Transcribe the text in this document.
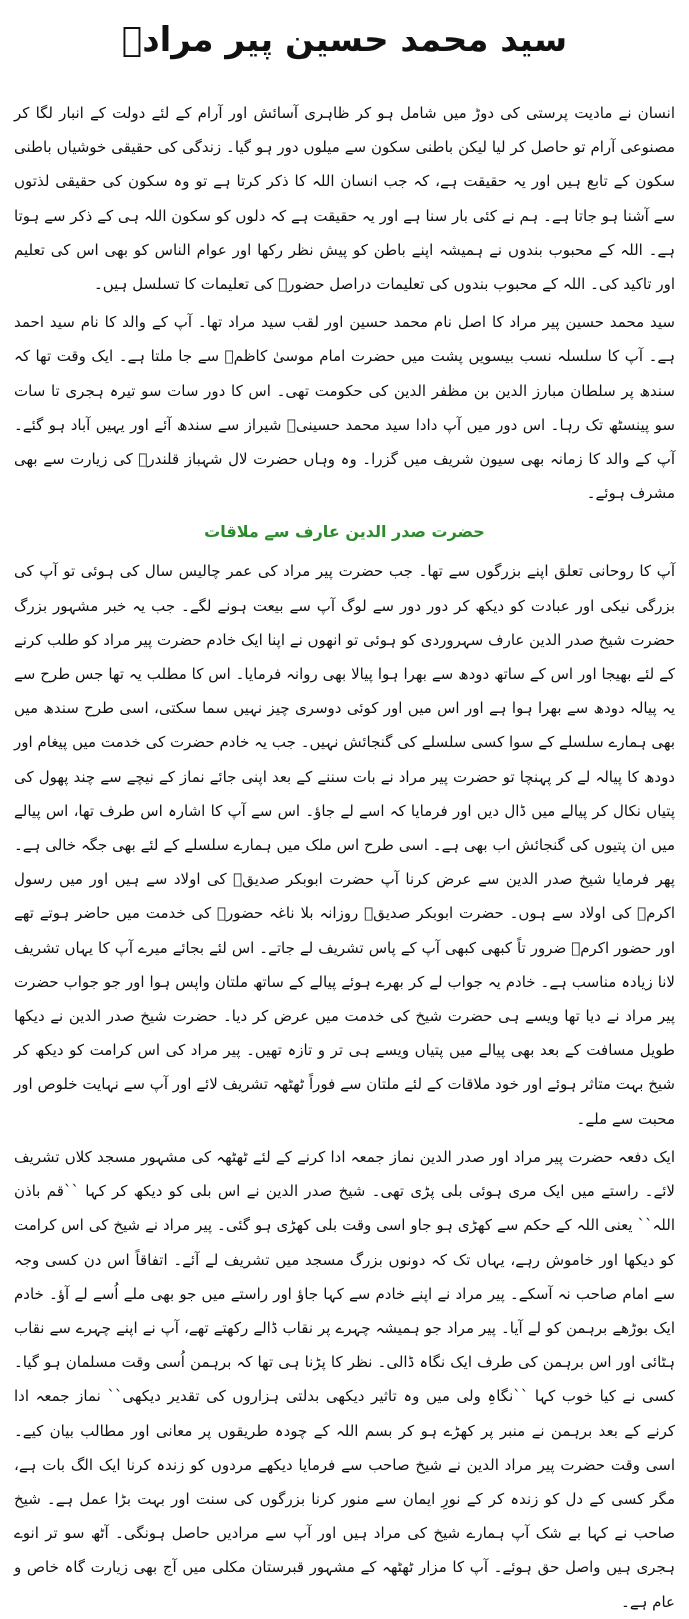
سید محمد حسین پیر مرادؒ

انسان نے مادیت پرستی کی دوڑ میں شامل ہو کر ظاہری آسائش اور آرام کے لئے دولت کے انبار لگا کر مصنوعی آرام تو حاصل کر لیا لیکن باطنی سکون سے میلوں دور ہو گیا۔ زندگی کی حقیقی خوشیاں باطنی سکون کے تابع ہیں اور یہ حقیقت ہے، کہ جب انسان اللہ کا ذکر کرتا ہے تو وہ سکون کی حقیقی لذتوں سے آشنا ہو جاتا ہے۔ ہم نے کئی بار سنا ہے اور یہ حقیقت ہے کہ دلوں کو سکون اللہ ہی کے ذکر سے ہوتا ہے۔ اللہ کے محبوب بندوں نے ہمیشہ اپنے باطن کو پیش نظر رکھا اور عوام الناس کو بھی اس کی تعلیم اور تاکید کی۔ اللہ کے محبوب بندوں کی تعلیمات دراصل حضورؐ کی تعلیمات کا تسلسل ہیں۔

سید محمد حسین پیر مراد کا اصل نام محمد حسین اور لقب سید مراد تھا۔ آپ کے والد کا نام سید احمد ہے۔ آپ کا سلسلہ نسب بیسویں پشت میں حضرت امام موسیٰ کاظمؓ سے جا ملتا ہے۔ ایک وقت تھا کہ سندھ پر سلطان مبارز الدین بن مظفر الدین کی حکومت تھی۔ اس کا دور سات سو تیرہ ہجری تا سات سو پینسٹھ تک رہا۔ اس دور میں آپ دادا سید محمد حسینیؒ شیراز سے سندھ آئے اور یہیں آباد ہو گئے۔ آپ کے والد کا زمانہ بھی سیون شریف میں گزرا۔ وہ وہاں حضرت لال شہباز قلندرؒ کی زیارت سے بھی مشرف ہوئے۔

حضرت صدر الدین عارف سے ملاقات

آپ کا روحانی تعلق اپنے بزرگوں سے تھا۔ جب حضرت پیر مراد کی عمر چالیس سال کی ہوئی تو آپ کی بزرگی نیکی اور عبادت کو دیکھ کر دور دور سے لوگ آپ سے بیعت ہونے لگے۔ جب یہ خبر مشہور بزرگ حضرت شیخ صدر الدین عارف سہروردی کو ہوئی تو انھوں نے اپنا ایک خادم حضرت پیر مراد کو طلب کرنے کے لئے بھیجا اور اس کے ساتھ دودھ سے بھرا ہوا پیالا بھی روانہ فرمایا۔ اس کا مطلب یہ تھا جس طرح سے یہ پیالہ دودھ سے بھرا ہوا ہے اور اس میں اور کوئی دوسری چیز نہیں سما سکتی، اسی طرح سندھ میں بھی ہمارے سلسلے کے سوا کسی سلسلے کی گنجائش نہیں۔ جب یہ خادم حضرت کی خدمت میں پیغام اور دودھ کا پیالہ لے کر پہنچا تو حضرت پیر مراد نے بات سننے کے بعد اپنی جائے نماز کے نیچے سے چند پھول کی پتیاں نکال کر پیالے میں ڈال دیں اور فرمایا کہ اسے لے جاؤ۔ اس سے آپ کا اشارہ اس طرف تھا، اس پیالے میں ان پتیوں کی گنجائش اب بھی ہے۔ اسی طرح اس ملک میں ہمارے سلسلے کے لئے بھی جگہ خالی ہے۔ پھر فرمایا شیخ صدر الدین سے عرض کرنا آپ حضرت ابوبکر صدیقؓ کی اولاد سے ہیں اور میں رسول اکرمؐ کی اولاد سے ہوں۔ حضرت ابوبکر صدیقؓ روزانہ بلا ناغہ حضورؐ کی خدمت میں حاضر ہوتے تھے اور حضور اکرمؐ ضرور تاً کبھی کبھی آپ کے پاس تشریف لے جاتے۔ اس لئے بجائے میرے آپ کا یہاں تشریف لانا زیادہ مناسب ہے۔ خادم یہ جواب لے کر بھرے ہوئے پیالے کے ساتھ ملتان واپس ہوا اور جو جواب حضرت پیر مراد نے دیا تھا ویسے ہی حضرت شیخ کی خدمت میں عرض کر دیا۔ حضرت شیخ صدر الدین نے دیکھا طویل مسافت کے بعد بھی پیالے میں پتیاں ویسے ہی تر و تازہ تھیں۔ پیر مراد کی اس کرامت کو دیکھ کر شیخ بہت متاثر ہوئے اور خود ملاقات کے لئے ملتان سے فوراً ٹھٹھہ تشریف لائے اور آپ سے نہایت خلوص اور محبت سے ملے۔

ایک دفعہ حضرت پیر مراد اور صدر الدین نماز جمعہ ادا کرنے کے لئے ٹھٹھہ کی مشہور مسجد کلاں تشریف لائے۔ راستے میں ایک مری ہوئی بلی پڑی تھی۔ شیخ صدر الدین نے اس بلی کو دیکھ کر کہا ``قم باذن اللہ`` یعنی اللہ کے حکم سے کھڑی ہو جاو اسی وقت بلی کھڑی ہو گئی۔ پیر مراد نے شیخ کی اس کرامت کو دیکھا اور خاموش رہے، یہاں تک کہ دونوں بزرگ مسجد میں تشریف لے آئے۔ اتفاقاً اس دن کسی وجہ سے امام صاحب نہ آسکے۔ پیر مراد نے اپنے خادم سے کہا جاؤ اور راستے میں جو بھی ملے اُسے لے آؤ۔ خادم ایک بوڑھے برہمن کو لے آیا۔ پیر مراد جو ہمیشہ چہرے پر نقاب ڈالے رکھتے تھے، آپ نے اپنے چہرے سے نقاب ہٹائی اور اس برہمن کی طرف ایک نگاہ ڈالی۔ نظر کا پڑنا ہی تھا کہ برہمن اُسی وقت مسلمان ہو گیا۔ کسی نے کیا خوب کہا ``نگاہِ ولی میں وہ تاثیر دیکھی بدلتی ہزاروں کی تقدیر دیکھی`` نماز جمعہ ادا کرنے کے بعد برہمن نے منبر پر کھڑے ہو کر بسم اللہ کے چودہ طریقوں پر معانی اور مطالب بیان کیے۔ اسی وقت حضرت پیر مراد الدین نے شیخ صاحب سے فرمایا دیکھے مردوں کو زندہ کرنا ایک الگ بات ہے، مگر کسی کے دل کو زندہ کر کے نورِ ایمان سے منور کرنا بزرگوں کی سنت اور بہت بڑا عمل ہے۔ شیخ صاحب نے کہا بے شک آپ ہمارے شیخ کی مراد ہیں اور آپ سے مرادیں حاصل ہونگی۔ آٹھ سو تر انوے ہجری ہیں واصل حق ہوئے۔ آپ کا مزار ٹھٹھہ کے مشہور قبرستان مکلی میں آج بھی زیارت گاہ خاص و عام ہے۔
